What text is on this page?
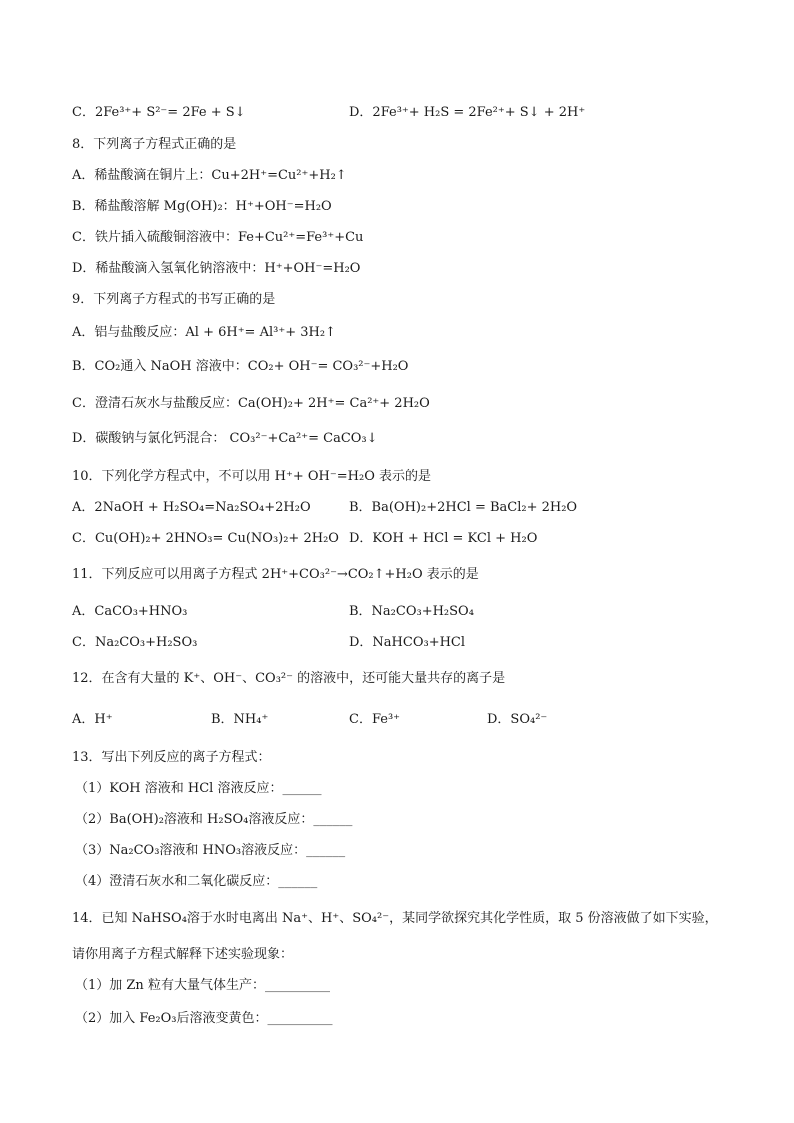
C．2Fe³⁺+ S²⁻= 2Fe + S↓	D．2Fe³⁺+ H₂S = 2Fe²⁺+ S↓ + 2H⁺
8．下列离子方程式正确的是
A．稀盐酸滴在铜片上：Cu+2H⁺=Cu²⁺+H₂↑
B．稀盐酸溶解 Mg(OH)₂：H⁺+OH⁻=H₂O
C．铁片插入硫酸铜溶液中：Fe+Cu²⁺=Fe³⁺+Cu
D．稀盐酸滴入氢氧化钠溶液中：H⁺+OH⁻=H₂O
9．下列离子方程式的书写正确的是
A．铝与盐酸反应：Al + 6H⁺= Al³⁺+ 3H₂↑
B．CO₂通入 NaOH 溶液中：CO₂+ OH⁻= CO₃²⁻+H₂O
C．澄清石灰水与盐酸反应：Ca(OH)₂+ 2H⁺= Ca²⁺+ 2H₂O
D．碳酸钠与氯化钙混合： CO₃²⁻+Ca²⁺= CaCO₃↓
10．下列化学方程式中，不可以用 H⁺+ OH⁻=H₂O 表示的是
A．2NaOH + H₂SO₄=Na₂SO₄+2H₂O	B．Ba(OH)₂+2HCl = BaCl₂+ 2H₂O
C．Cu(OH)₂+ 2HNO₃= Cu(NO₃)₂+ 2H₂O D．KOH + HCl = KCl + H₂O
11．下列反应可以用离子方程式 2H⁺+CO₃²⁻→CO₂↑+H₂O 表示的是
A．CaCO₃+HNO₃	B．Na₂CO₃+H₂SO₄
C．Na₂CO₃+H₂SO₃	D．NaHCO₃+HCl
12．在含有大量的 K⁺、OH⁻、CO₃²⁻ 的溶液中，还可能大量共存的离子是
13．写出下列反应的离子方程式：
（1）KOH 溶液和 HCl 溶液反应：______
（2）Ba(OH)₂溶液和 H₂SO₄溶液反应：______
（3）Na₂CO₃溶液和 HNO₃溶液反应：______
（4）澄清石灰水和二氧化碳反应：______
14．已知 NaHSO₄溶于水时电离出 Na⁺、H⁺、SO₄²⁻，某同学欲探究其化学性质，取 5 份溶液做了如下实验，
请你用离子方程式解释下述实验现象：
（1）加 Zn 粒有大量气体生产：__________
（2）加入 Fe₂O₃后溶液变黄色：__________
A．H⁺	B．NH₄⁺	C．Fe³⁺	D．SO₄²⁻
